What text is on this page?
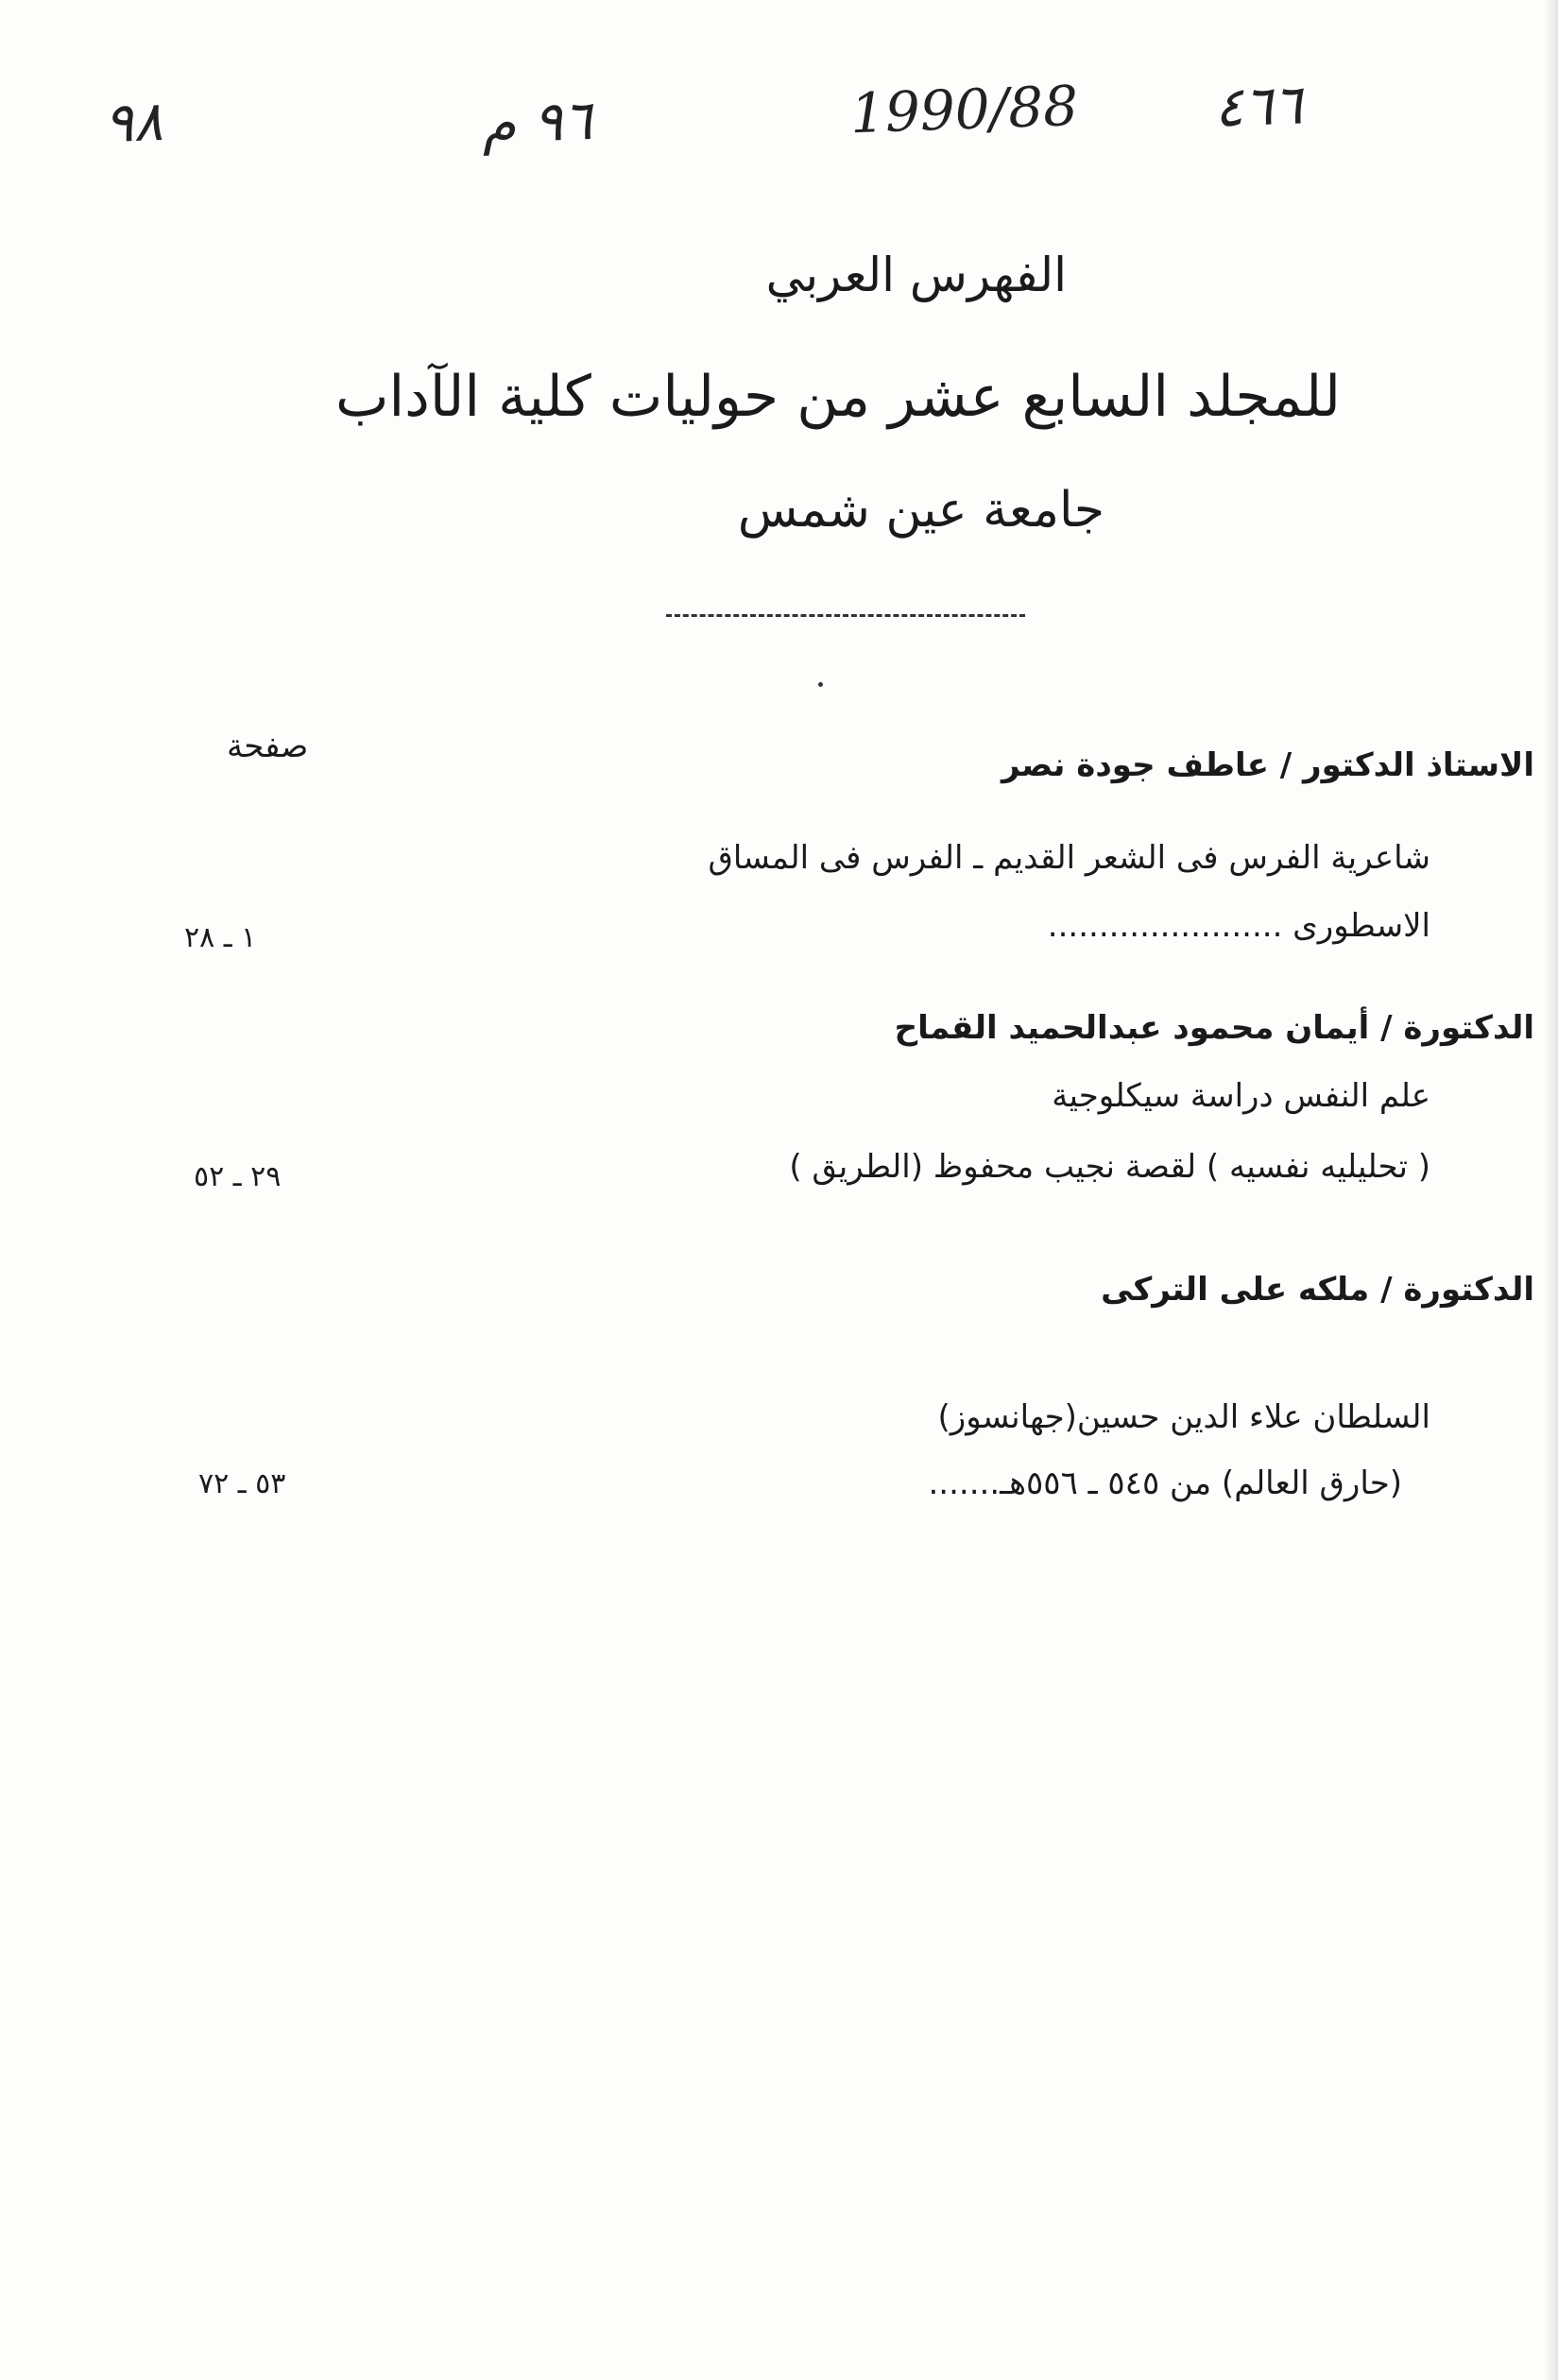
٩٨	٩٦ م	1990/88 ٤٦٦
الفهرس العربي
للمجلد السابع عشر من حوليات كلية الآداب
جامعة عين شمس
صفحة	الاستاذ الدكتور / عاطف جودة نصر
شاعرية الفرس فى الشعر القديم ـ الفرس فى المساق
الاسطورى .......................
١ ـ ٢٨
الدكتورة / أيمان محمود عبدالحميد القماح
علم النفس دراسة سيكلوجية
( تحليليه نفسيه ) لقصة نجيب محفوظ (الطريق )
٢٩ ـ ٥٢
الدكتورة / ملكه على التركى
السلطان علاء الدين حسين(جهانسوز)
(حارق العالم) من ٥٤٥ ـ ٥٥٦هـ.......
٥٣ ـ ٧٢
